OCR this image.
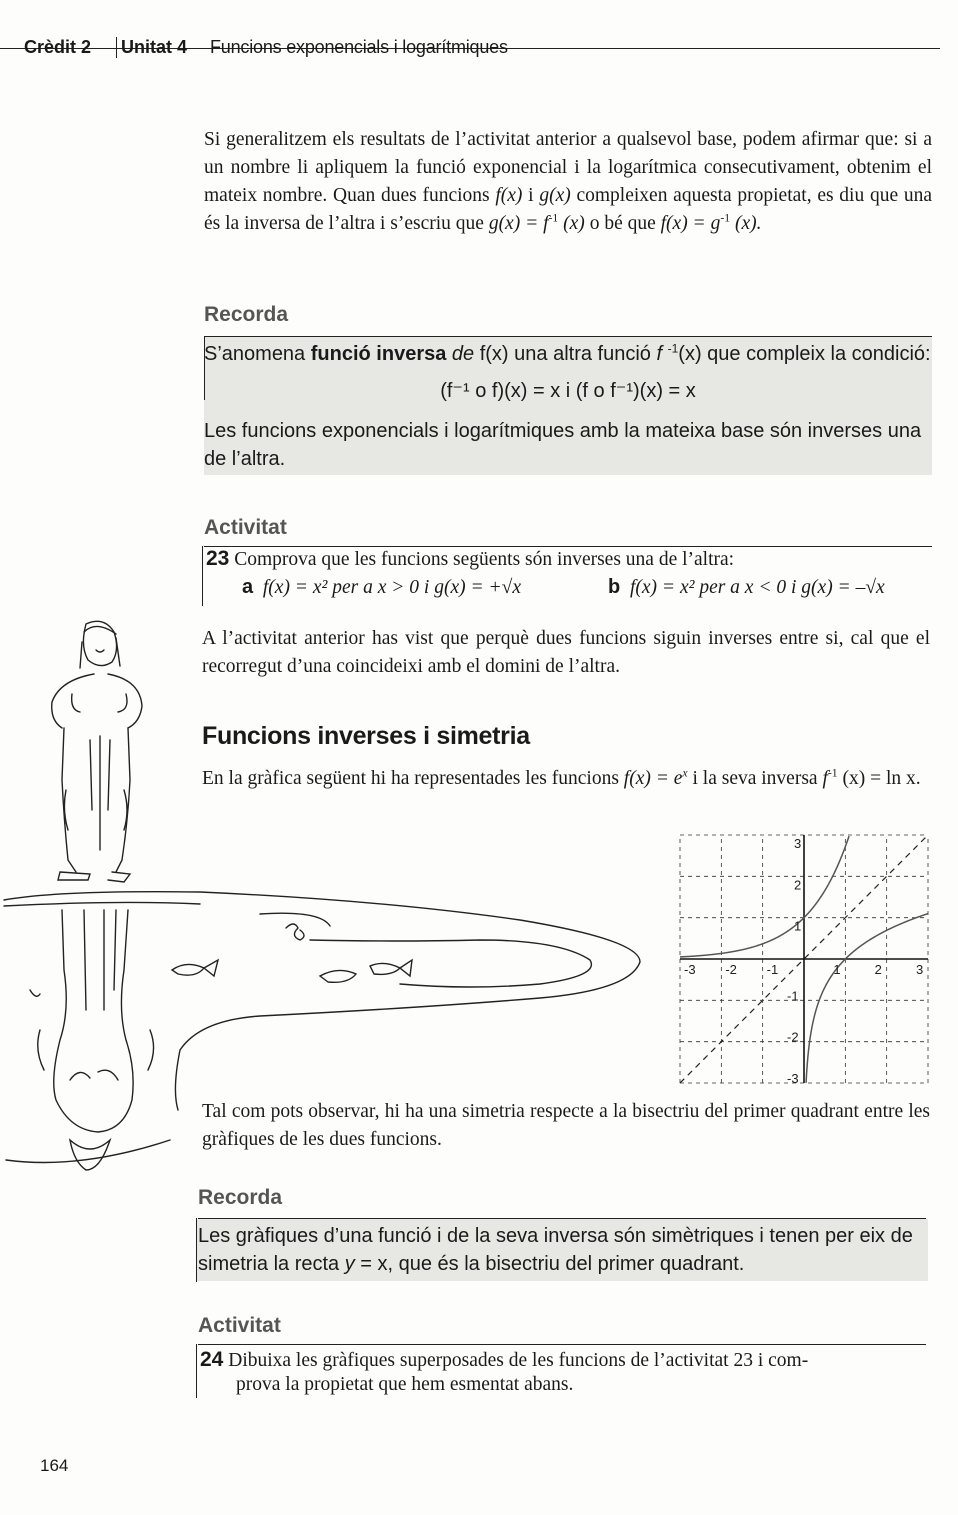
Crèdit 2 Unitat 4 Funcions exponencials i logarítmiques
Si generalitzem els resultats de l’activitat anterior a qualsevol base, podem afirmar que: si a un nombre li apliquem la funció exponencial i la logarítmica consecutivament, obtenim el mateix nombre. Quan dues funcions f(x) i g(x) compleixen aquesta propietat, es diu que una és la inversa de l’altra i s’escriu que $g(x) = f^{-1}$ (x) o bé que $f(x) = g^{-1}$ (x).
Recorda
S’anomena funció inversa de f(x) una altra funció f $^{-1}$(x) que compleix la condició:
(f⁻¹ o f)(x) = x i (f o f⁻¹)(x) = x
Les funcions exponencials i logarítmiques amb la mateixa base són inverses una de l’altra.
Activitat
23 Comprova que les funcions següents són inverses una de l’altra:
a f(x) = x² per a x > 0 i g(x) = +√x	b f(x) = x² per a x < 0 i g(x) = –√x
A l’activitat anterior has vist que perquè dues funcions siguin inverses entre si, cal que el recorregut d’una coincideixi amb el domini de l’altra.
Funcions inverses i simetria
En la gràfica següent hi ha representades les funcions $f(x) = e^x$ i la seva inversa $f^{-1}$ (x) = ln x.
-3 -2 -1	1	2	3
3
2
1
-1
-2
-3
Tal com pots observar, hi ha una simetria respecte a la bisectriu del primer quadrant entre les gràfiques de les dues funcions.
Recorda
Les gràfiques d’una funció i de la seva inversa són simètriques i tenen per eix de simetria la recta y = x, que és la bisectriu del primer quadrant.
Activitat
24 Dibuixa les gràfiques superposades de les funcions de l’activitat 23 i com-
prova la propietat que hem esmentat abans.
164
